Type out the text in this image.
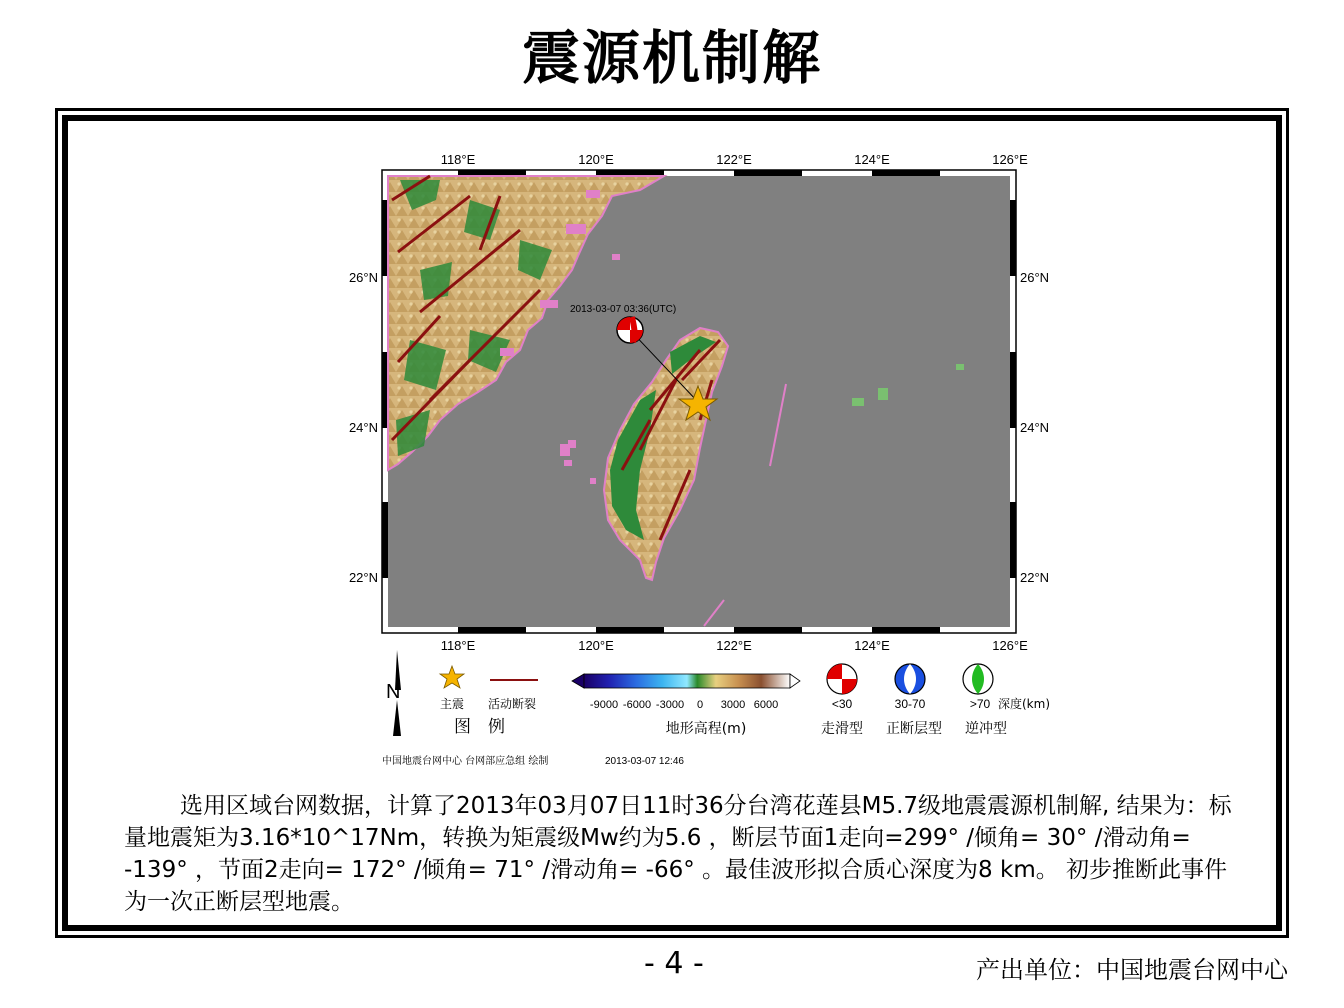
震源机制解
118°E	120°E	122°E	124°E	126°E
118°E	120°E	122°E	124°E	126°E
26°N
24°N
22°N
26°N
24°N
22°N
2013-03-07 03:36(UTC)
N
主震 活动断裂
图　例
-9000 -6000 -3000 0 3000 6000
地形高程(m)
<30	30-70	>70 深度(km)
走滑型 正断层型 逆冲型
中国地震台网中心 台网部应急组 绘制	2013-03-07 12:46
选用区域台网数据，计算了2013年03月07日11时36分台湾花莲县M5.7级地震震源机制解, 结果为：标量地震矩为3.16*10^17Nm，转换为矩震级Mw约为5.6 ，断层节面1走向=299° /倾角= 30° /滑动角= -139° ，节面2走向= 172° /倾角= 71° /滑动角= -66° 。最佳波形拟合质心深度为8 km。 初步推断此事件为一次正断层型地震。
- 4 -	产出单位：中国地震台网中心
